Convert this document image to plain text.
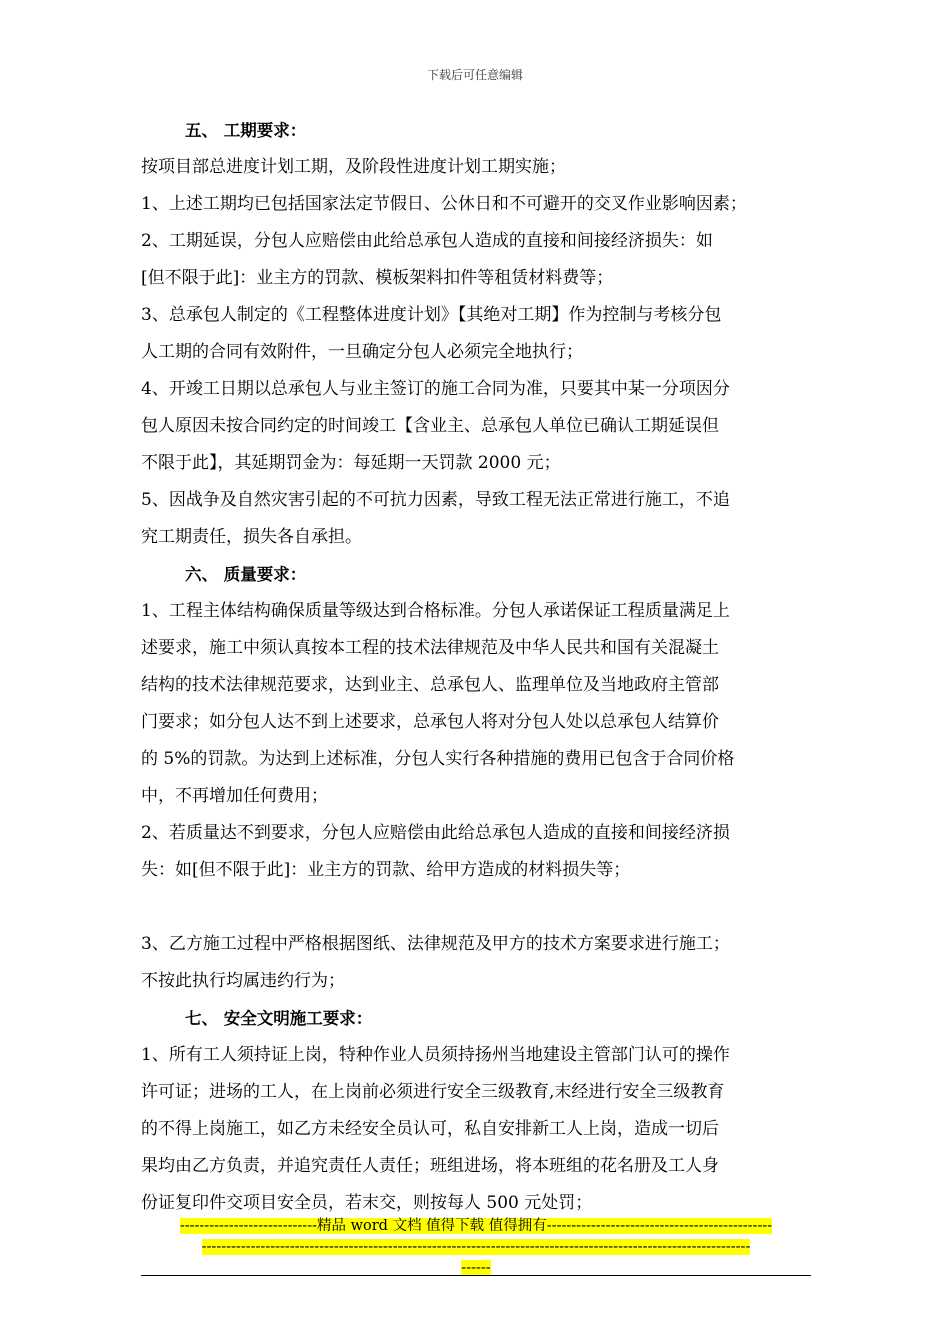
下载后可任意编辑
五、 工期要求：
按项目部总进度计划工期，及阶段性进度计划工期实施；
1、上述工期均已包括国家法定节假日、公休日和不可避开的交叉作业影响因素；
2、工期延误，分包人应赔偿由此给总承包人造成的直接和间接经济损失：如
[但不限于此]：业主方的罚款、模板架料扣件等租赁材料费等；
3、总承包人制定的《工程整体进度计划》【其绝对工期】作为控制与考核分包
人工期的合同有效附件，一旦确定分包人必须完全地执行；
4、开竣工日期以总承包人与业主签订的施工合同为准，只要其中某一分项因分
包人原因未按合同约定的时间竣工【含业主、总承包人单位已确认工期延误但
不限于此】，其延期罚金为：每延期一天罚款 2000 元；
5、因战争及自然灾害引起的不可抗力因素，导致工程无法正常进行施工，不追
究工期责任，损失各自承担。
六、 质量要求：
1、工程主体结构确保质量等级达到合格标准。分包人承诺保证工程质量满足上
述要求，施工中须认真按本工程的技术法律规范及中华人民共和国有关混凝土
结构的技术法律规范要求，达到业主、总承包人、监理单位及当地政府主管部
门要求；如分包人达不到上述要求，总承包人将对分包人处以总承包人结算价
的 5%的罚款。为达到上述标准，分包人实行各种措施的费用已包含于合同价格
中，不再增加任何费用；
2、若质量达不到要求，分包人应赔偿由此给总承包人造成的直接和间接经济损
失：如[但不限于此]：业主方的罚款、给甲方造成的材料损失等；
3、乙方施工过程中严格根据图纸、法律规范及甲方的技术方案要求进行施工；
不按此执行均属违约行为；
七、 安全文明施工要求：
1、所有工人须持证上岗，特种作业人员须持扬州当地建设主管部门认可的操作
许可证；进场的工人，在上岗前必须进行安全三级教育,末经进行安全三级教育
的不得上岗施工，如乙方未经安全员认可，私自安排新工人上岗，造成一切后
果均由乙方负责，并追究责任人责任；班组进场，将本班组的花名册及工人身
份证复印件交项目安全员，若末交，则按每人 500 元处罚；
----------------------------精品 word 文档 值得下载 值得拥有----------------------------------------------
----------------------------------------------------------------------------------------------------------------
------
